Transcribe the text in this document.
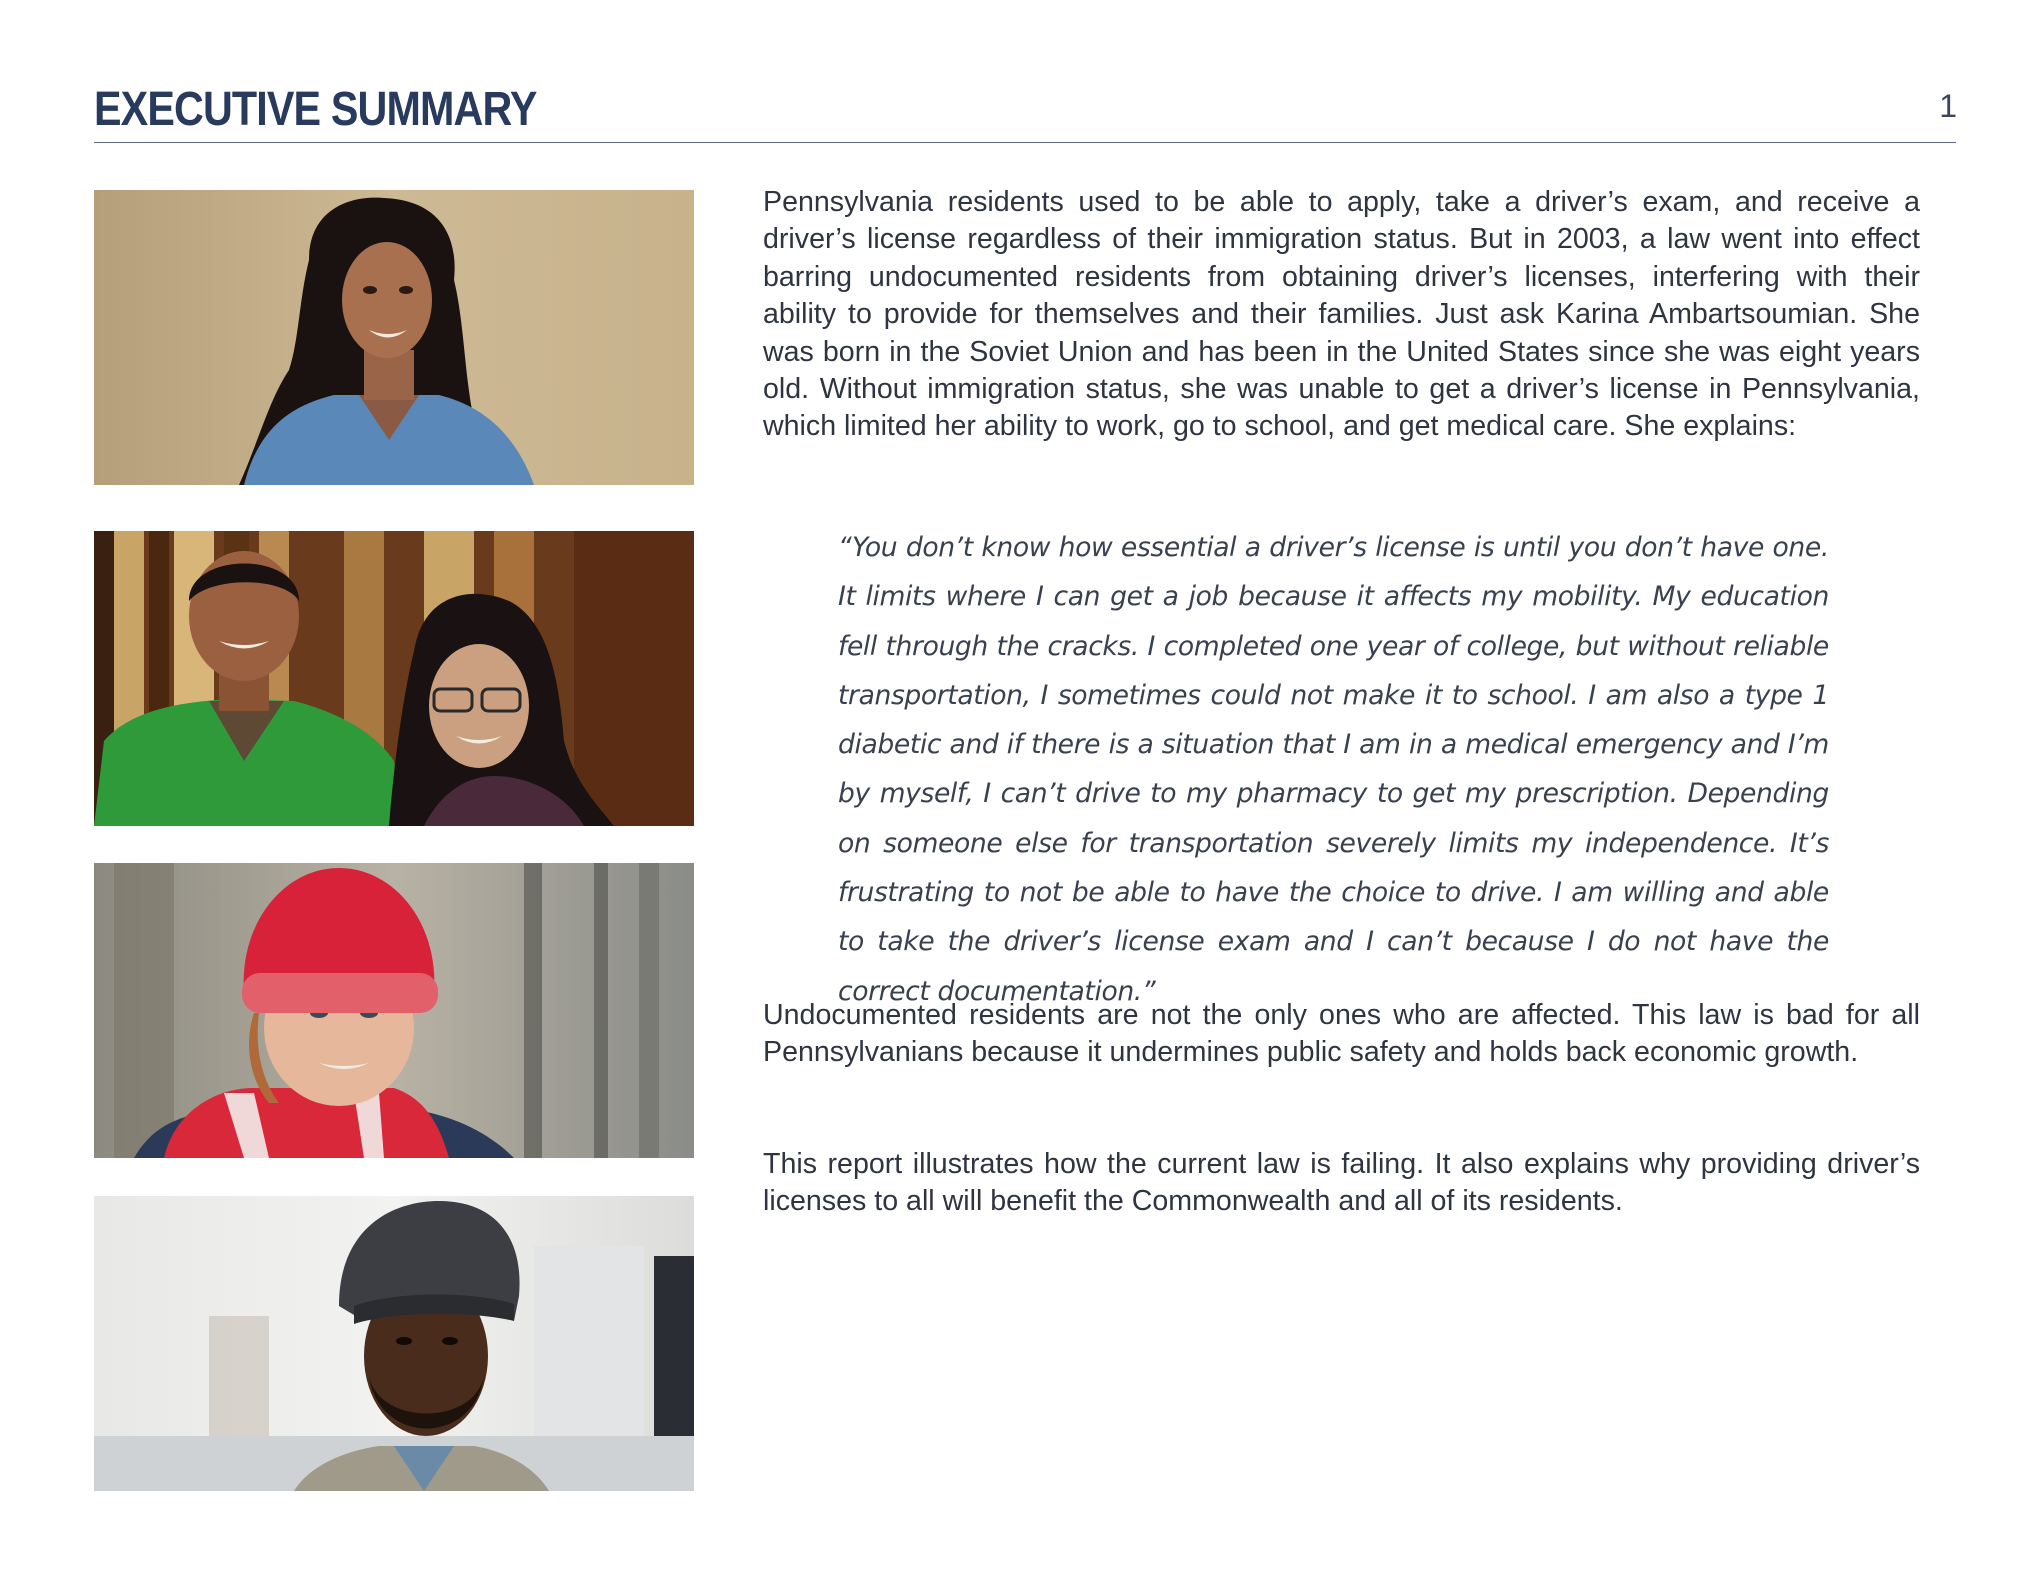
EXECUTIVE SUMMARY	1
Pennsylvania residents used to be able to apply, take a driver’s exam, and receive a driver’s license regardless of their immigration status. But in 2003, a law went into effect barring undocumented residents from obtaining driver’s licenses, interfering with their ability to provide for themselves and their families. Just ask Karina Ambartsoumian. She was born in the Soviet Union and has been in the United States since she was eight years old. Without immigration status, she was unable to get a driver’s license in Pennsylvania, which limited her ability to work, go to school, and get medical care. She explains:
“You don’t know how essential a driver’s license is until you don’t have one. It limits where I can get a job because it affects my mobility. My education fell through the cracks. I completed one year of college, but without reliable transportation, I sometimes could not make it to school. I am also a type 1 diabetic and if there is a situation that I am in a medical emergency and I’m by myself, I can’t drive to my pharmacy to get my prescription. Depending on someone else for transportation severely limits my independence. It’s frustrating to not be able to have the choice to drive. I am willing and able to take the driver’s license exam and I can’t because I do not have the correct documentation.”
Undocumented residents are not the only ones who are affected. This law is bad for all Pennsylvanians because it undermines public safety and holds back economic growth.
This report illustrates how the current law is failing. It also explains why providing driver’s licenses to all will benefit the Commonwealth and all of its residents.
